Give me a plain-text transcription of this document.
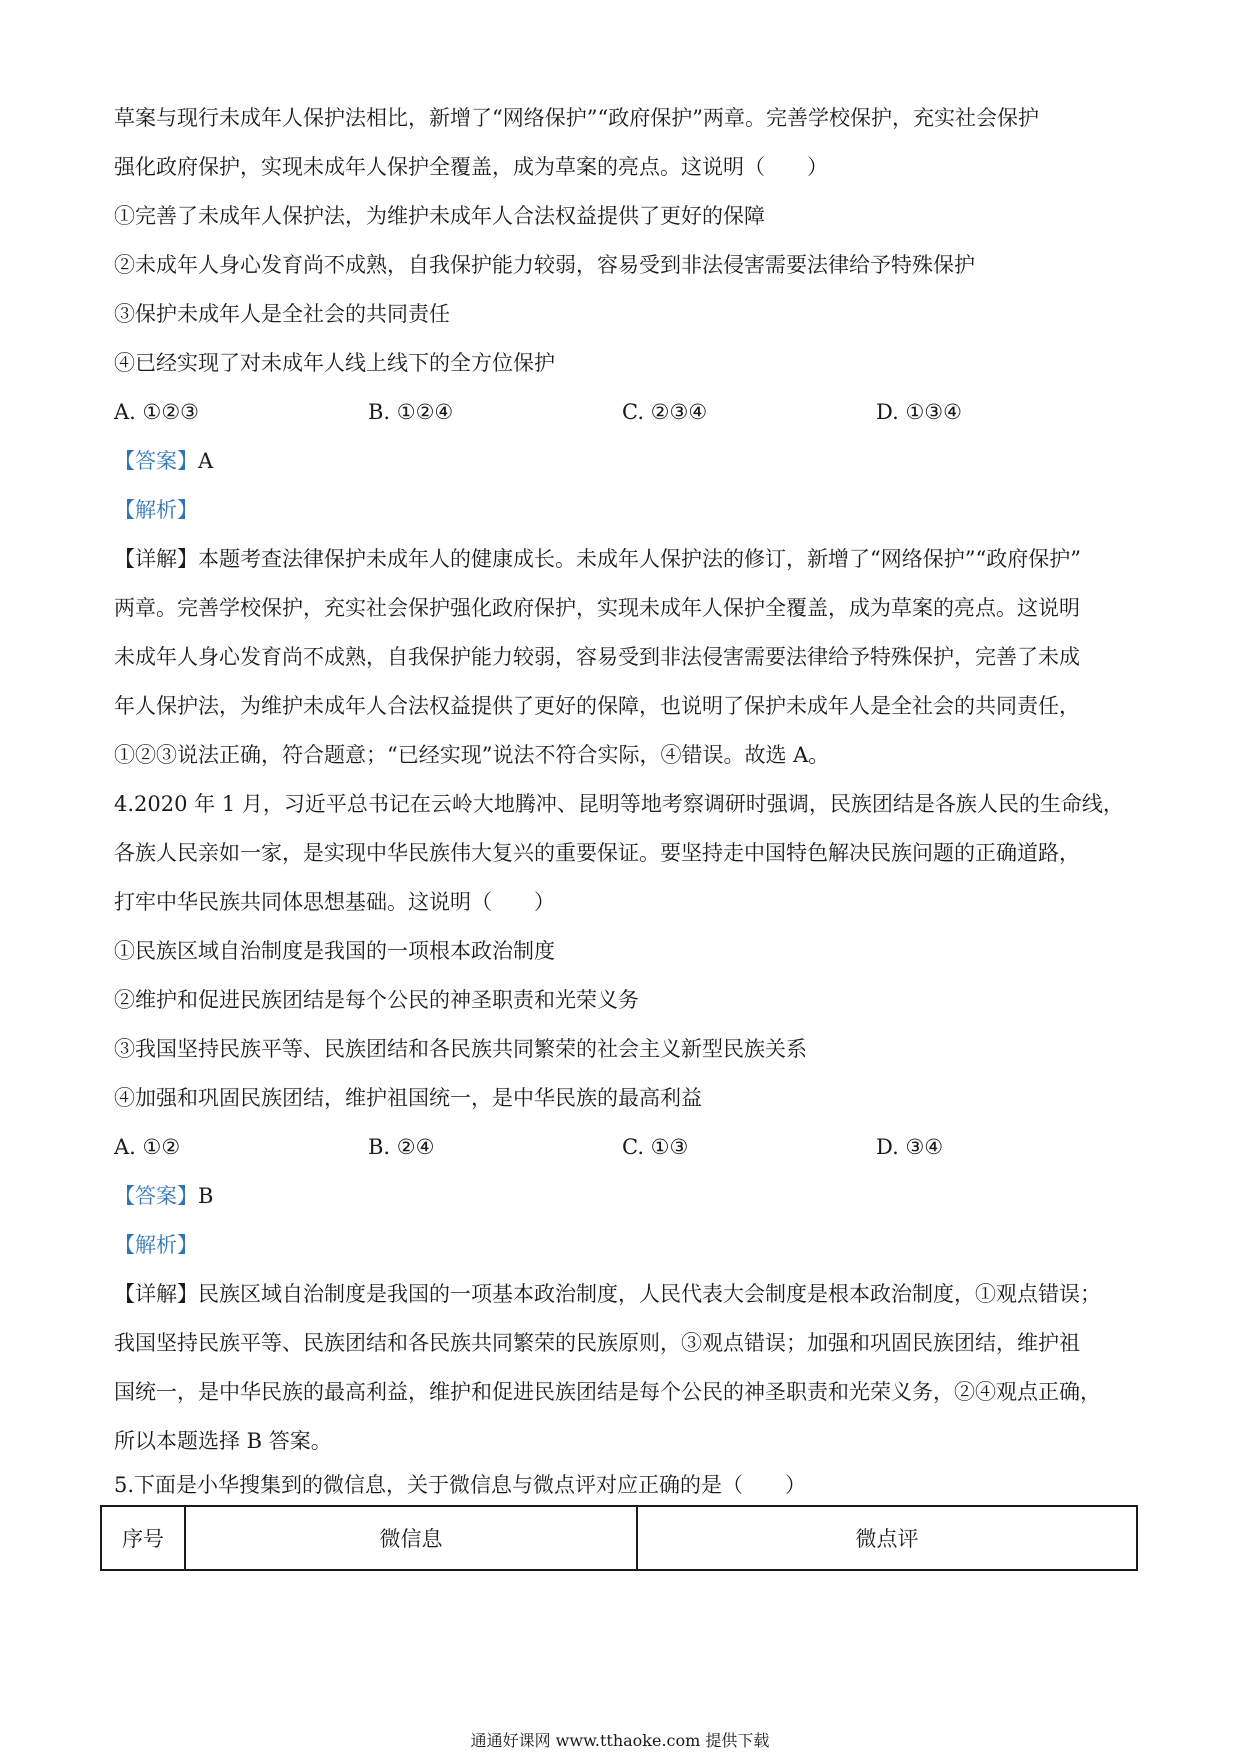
草案与现行未成年人保护法相比，新增了“网络保护”“政府保护”两章。完善学校保护，充实社会保护
强化政府保护，实现未成年人保护全覆盖，成为草案的亮点。这说明（　　）
①完善了未成年人保护法，为维护未成年人合法权益提供了更好的保障
②未成年人身心发育尚不成熟，自我保护能力较弱，容易受到非法侵害需要法律给予特殊保护
③保护未成年人是全社会的共同责任
④已经实现了对未成年人线上线下的全方位保护
A. ①②③	B. ①②④	C. ②③④	D. ①③④
【答案】A
【解析】
【详解】本题考查法律保护未成年人的健康成长。未成年人保护法的修订，新增了“网络保护”“政府保护”
两章。完善学校保护，充实社会保护强化政府保护，实现未成年人保护全覆盖，成为草案的亮点。这说明
未成年人身心发育尚不成熟，自我保护能力较弱，容易受到非法侵害需要法律给予特殊保护，完善了未成
年人保护法，为维护未成年人合法权益提供了更好的保障，也说明了保护未成年人是全社会的共同责任，
①②③说法正确，符合题意；“已经实现”说法不符合实际，④错误。故选 A。
4.2020 年 1 月，习近平总书记在云岭大地腾冲、昆明等地考察调研时强调，民族团结是各族人民的生命线，
各族人民亲如一家，是实现中华民族伟大复兴的重要保证。要坚持走中国特色解决民族问题的正确道路，
打牢中华民族共同体思想基础。这说明（　　）
①民族区域自治制度是我国的一项根本政治制度
②维护和促进民族团结是每个公民的神圣职责和光荣义务
③我国坚持民族平等、民族团结和各民族共同繁荣的社会主义新型民族关系
④加强和巩固民族团结，维护祖国统一，是中华民族的最高利益
A. ①②	B. ②④	C. ①③	D. ③④
【答案】B
【解析】
【详解】民族区域自治制度是我国的一项基本政治制度，人民代表大会制度是根本政治制度，①观点错误；
我国坚持民族平等、民族团结和各民族共同繁荣的民族原则，③观点错误；加强和巩固民族团结，维护祖
国统一，是中华民族的最高利益，维护和促进民族团结是每个公民的神圣职责和光荣义务，②④观点正确，
所以本题选择 B 答案。
5.下面是小华搜集到的微信息，关于微信息与微点评对应正确的是（　　）
序号	微信息	微点评
通通好课网 www.tthaoke.com 提供下载
